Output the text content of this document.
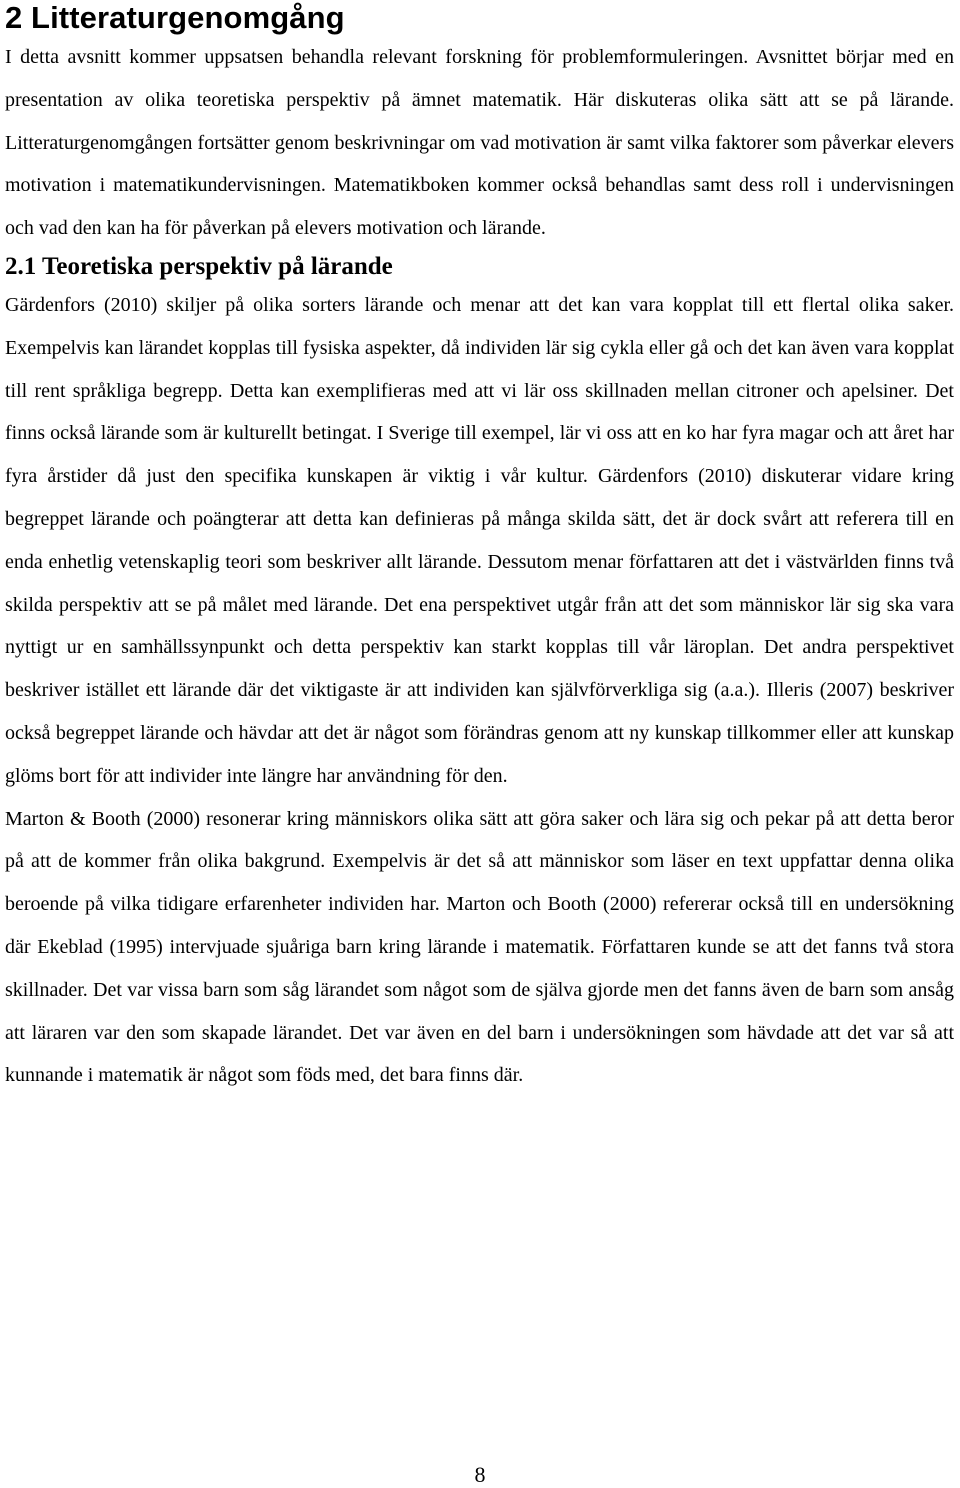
2 Litteraturgenomgång

I detta avsnitt kommer uppsatsen behandla relevant forskning för problemformuleringen. Avsnittet börjar med en presentation av olika teoretiska perspektiv på ämnet matematik. Här diskuteras olika sätt att se på lärande. Litteraturgenomgången fortsätter genom beskrivningar om vad motivation är samt vilka faktorer som påverkar elevers motivation i matematikundervisningen. Matematikboken kommer också behandlas samt dess roll i undervisningen och vad den kan ha för påverkan på elevers motivation och lärande.

2.1 Teoretiska perspektiv på lärande

Gärdenfors (2010) skiljer på olika sorters lärande och menar att det kan vara kopplat till ett flertal olika saker. Exempelvis kan lärandet kopplas till fysiska aspekter, då individen lär sig cykla eller gå och det kan även vara kopplat till rent språkliga begrepp. Detta kan exemplifieras med att vi lär oss skillnaden mellan citroner och apelsiner. Det finns också lärande som är kulturellt betingat. I Sverige till exempel, lär vi oss att en ko har fyra magar och att året har fyra årstider då just den specifika kunskapen är viktig i vår kultur. Gärdenfors (2010) diskuterar vidare kring begreppet lärande och poängterar att detta kan definieras på många skilda sätt, det är dock svårt att referera till en enda enhetlig vetenskaplig teori som beskriver allt lärande. Dessutom menar författaren att det i västvärlden finns två skilda perspektiv att se på målet med lärande. Det ena perspektivet utgår från att det som människor lär sig ska vara nyttigt ur en samhällssynpunkt och detta perspektiv kan starkt kopplas till vår läroplan. Det andra perspektivet beskriver istället ett lärande där det viktigaste är att individen kan självförverkliga sig (a.a.). Illeris (2007) beskriver också begreppet lärande och hävdar att det är något som förändras genom att ny kunskap tillkommer eller att kunskap glöms bort för att individer inte längre har användning för den.

Marton & Booth (2000) resonerar kring människors olika sätt att göra saker och lära sig och pekar på att detta beror på att de kommer från olika bakgrund. Exempelvis är det så att människor som läser en text uppfattar denna olika beroende på vilka tidigare erfarenheter individen har. Marton och Booth (2000) refererar också till en undersökning där Ekeblad (1995) intervjuade sjuåriga barn kring lärande i matematik. Författaren kunde se att det fanns två stora skillnader. Det var vissa barn som såg lärandet som något som de själva gjorde men det fanns även de barn som ansåg att läraren var den som skapade lärandet. Det var även en del barn i undersökningen som hävdade att det var så att kunnande i matematik är något som föds med, det bara finns där.

8
